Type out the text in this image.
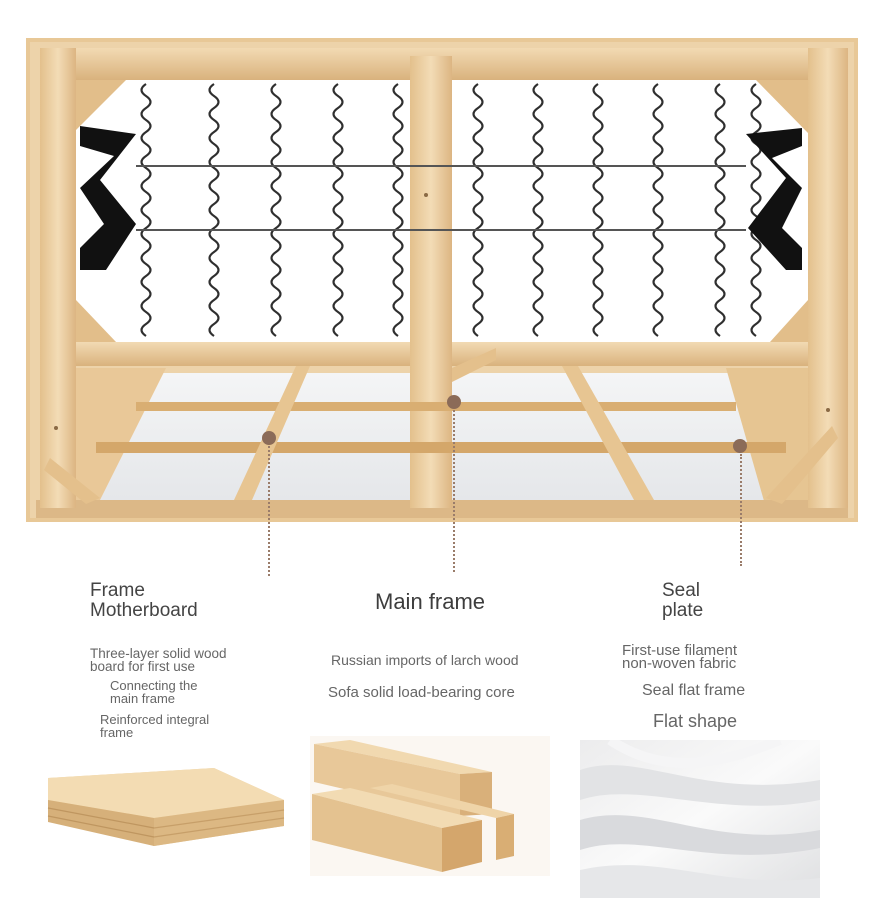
Frame
Motherboard
Three-layer solid wood
board for first use
Connecting the
main frame
Reinforced integral
frame
Main frame
Russian imports of larch wood
Sofa solid load-bearing core
Seal
plate
First-use filament
non-woven fabric
Seal flat frame
Flat shape
